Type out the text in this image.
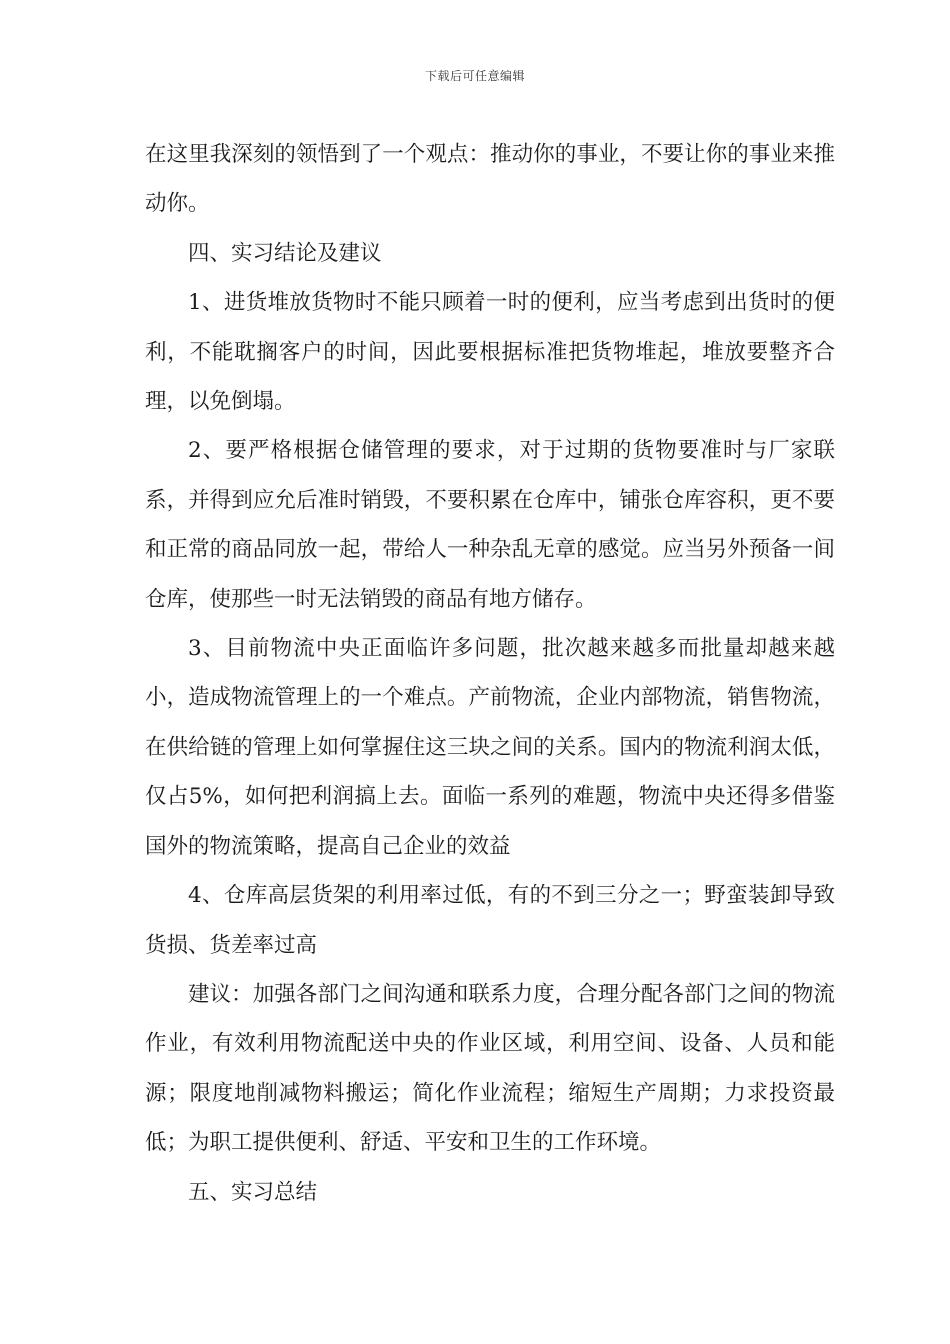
下载后可任意编辑

在这里我深刻的领悟到了一个观点：推动你的事业，不要让你的事业来推动你。

四、实习结论及建议

1、进货堆放货物时不能只顾着一时的便利，应当考虑到出货时的便利，不能耽搁客户的时间，因此要根据标准把货物堆起，堆放要整齐合理，以免倒塌。

2、要严格根据仓储管理的要求，对于过期的货物要准时与厂家联系，并得到应允后准时销毁，不要积累在仓库中，铺张仓库容积，更不要和正常的商品同放一起，带给人一种杂乱无章的感觉。应当另外预备一间仓库，使那些一时无法销毁的商品有地方储存。

3、目前物流中央正面临许多问题，批次越来越多而批量却越来越小，造成物流管理上的一个难点。产前物流，企业内部物流，销售物流，在供给链的管理上如何掌握住这三块之间的关系。国内的物流利润太低，仅占5%，如何把利润搞上去。面临一系列的难题，物流中央还得多借鉴国外的物流策略，提高自己企业的效益

4、仓库高层货架的利用率过低，有的不到三分之一；野蛮装卸导致货损、货差率过高

建议：加强各部门之间沟通和联系力度，合理分配各部门之间的物流作业，有效利用物流配送中央的作业区域，利用空间、设备、人员和能源；限度地削减物料搬运；简化作业流程；缩短生产周期；力求投资最低；为职工提供便利、舒适、平安和卫生的工作环境。

五、实习总结
